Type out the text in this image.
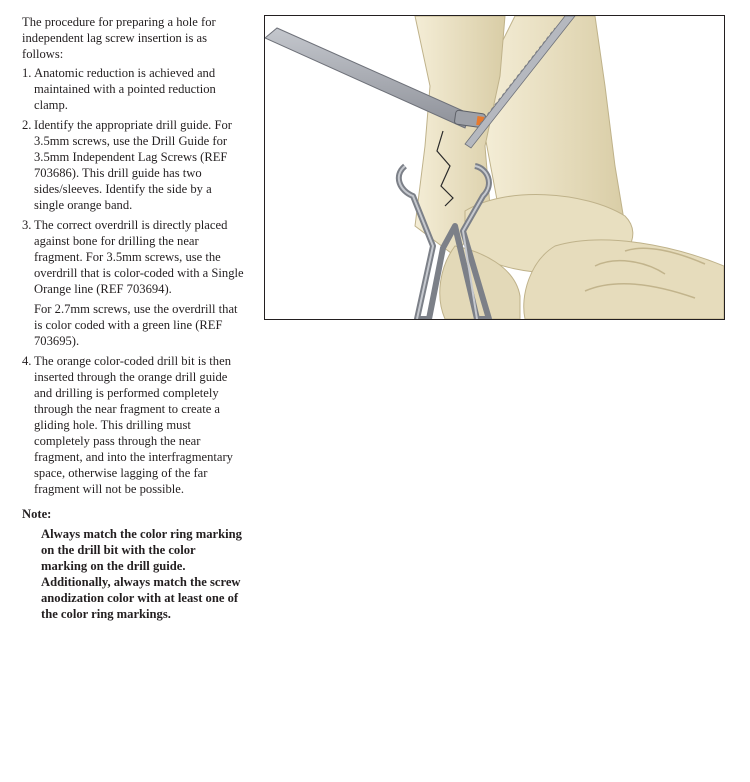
The procedure for preparing a hole for independent lag screw insertion is as follows:

1. Anatomic reduction is achieved and maintained with a pointed reduction clamp.

2. Identify the appropriate drill guide. For 3.5mm screws, use the Drill Guide for 3.5mm Independent Lag Screws (REF 703686). This drill guide has two sides/sleeves. Identify the side by a single orange band.

3. The correct overdrill is directly placed against bone for drilling the near fragment. For 3.5mm screws, use the overdrill that is color-coded with a Single Orange line (REF 703694).

For 2.7mm screws, use the overdrill that is color coded with a green line (REF 703695).

4. The orange color-coded drill bit is then inserted through the orange drill guide and drilling is performed completely through the near fragment to create a gliding hole. This drilling must completely pass through the near fragment, and into the interfragmentary space, otherwise lagging of the far fragment will not be possible.

Note:
Always match the color ring marking on the drill bit with the color marking on the drill guide. Additionally, always match the screw anodization color with at least one of the color ring markings.
